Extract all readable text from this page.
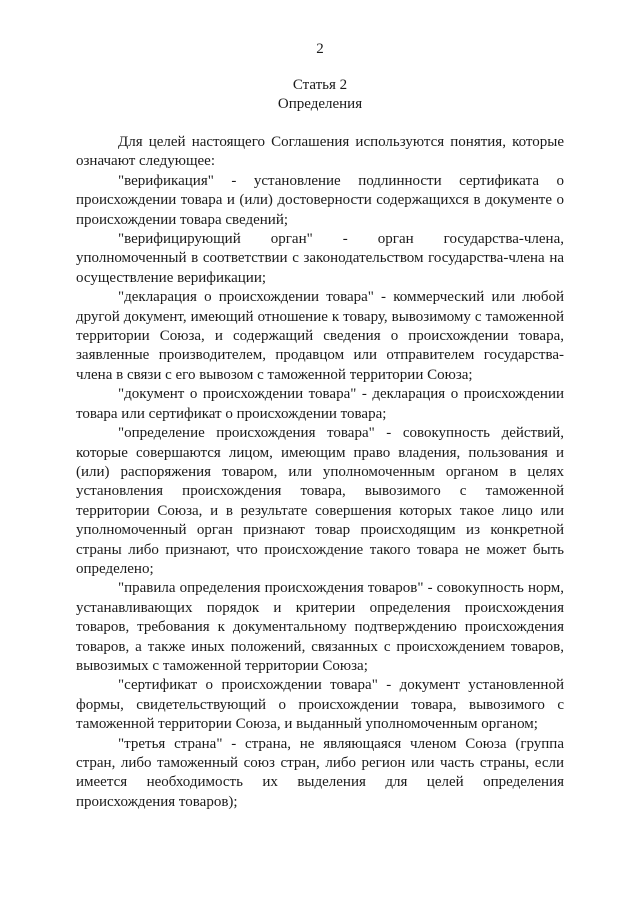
2
Статья 2
Определения

Для целей настоящего Соглашения используются понятия, которые означают следующее:

"верификация" - установление подлинности сертификата о происхождении товара и (или) достоверности содержащихся в документе о происхождении товара сведений;

"верифицирующий орган" - орган государства-члена, уполномоченный в соответствии с законодательством государства-члена на осуществление верификации;

"декларация о происхождении товара" - коммерческий или любой другой документ, имеющий отношение к товару, вывозимому с таможенной территории Союза, и содержащий сведения о происхождении товара, заявленные производителем, продавцом или отправителем государства-члена в связи с его вывозом с таможенной территории Союза;

"документ о происхождении товара" - декларация о происхождении товара или сертификат о происхождении товара;

"определение происхождения товара" - совокупность действий, которые совершаются лицом, имеющим право владения, пользования и (или) распоряжения товаром, или уполномоченным органом в целях установления происхождения товара, вывозимого с таможенной территории Союза, и в результате совершения которых такое лицо или уполномоченный орган признают товар происходящим из конкретной страны либо признают, что происхождение такого товара не может быть определено;

"правила определения происхождения товаров" - совокупность норм, устанавливающих порядок и критерии определения происхождения товаров, требования к документальному подтверждению происхождения товаров, а также иных положений, связанных с происхождением товаров, вывозимых с таможенной территории Союза;

"сертификат о происхождении товара" - документ установленной формы, свидетельствующий о происхождении товара, вывозимого с таможенной территории Союза, и выданный уполномоченным органом;

"третья страна" - страна, не являющаяся членом Союза (группа стран, либо таможенный союз стран, либо регион или часть страны, если имеется необходимость их выделения для целей определения происхождения товаров);
